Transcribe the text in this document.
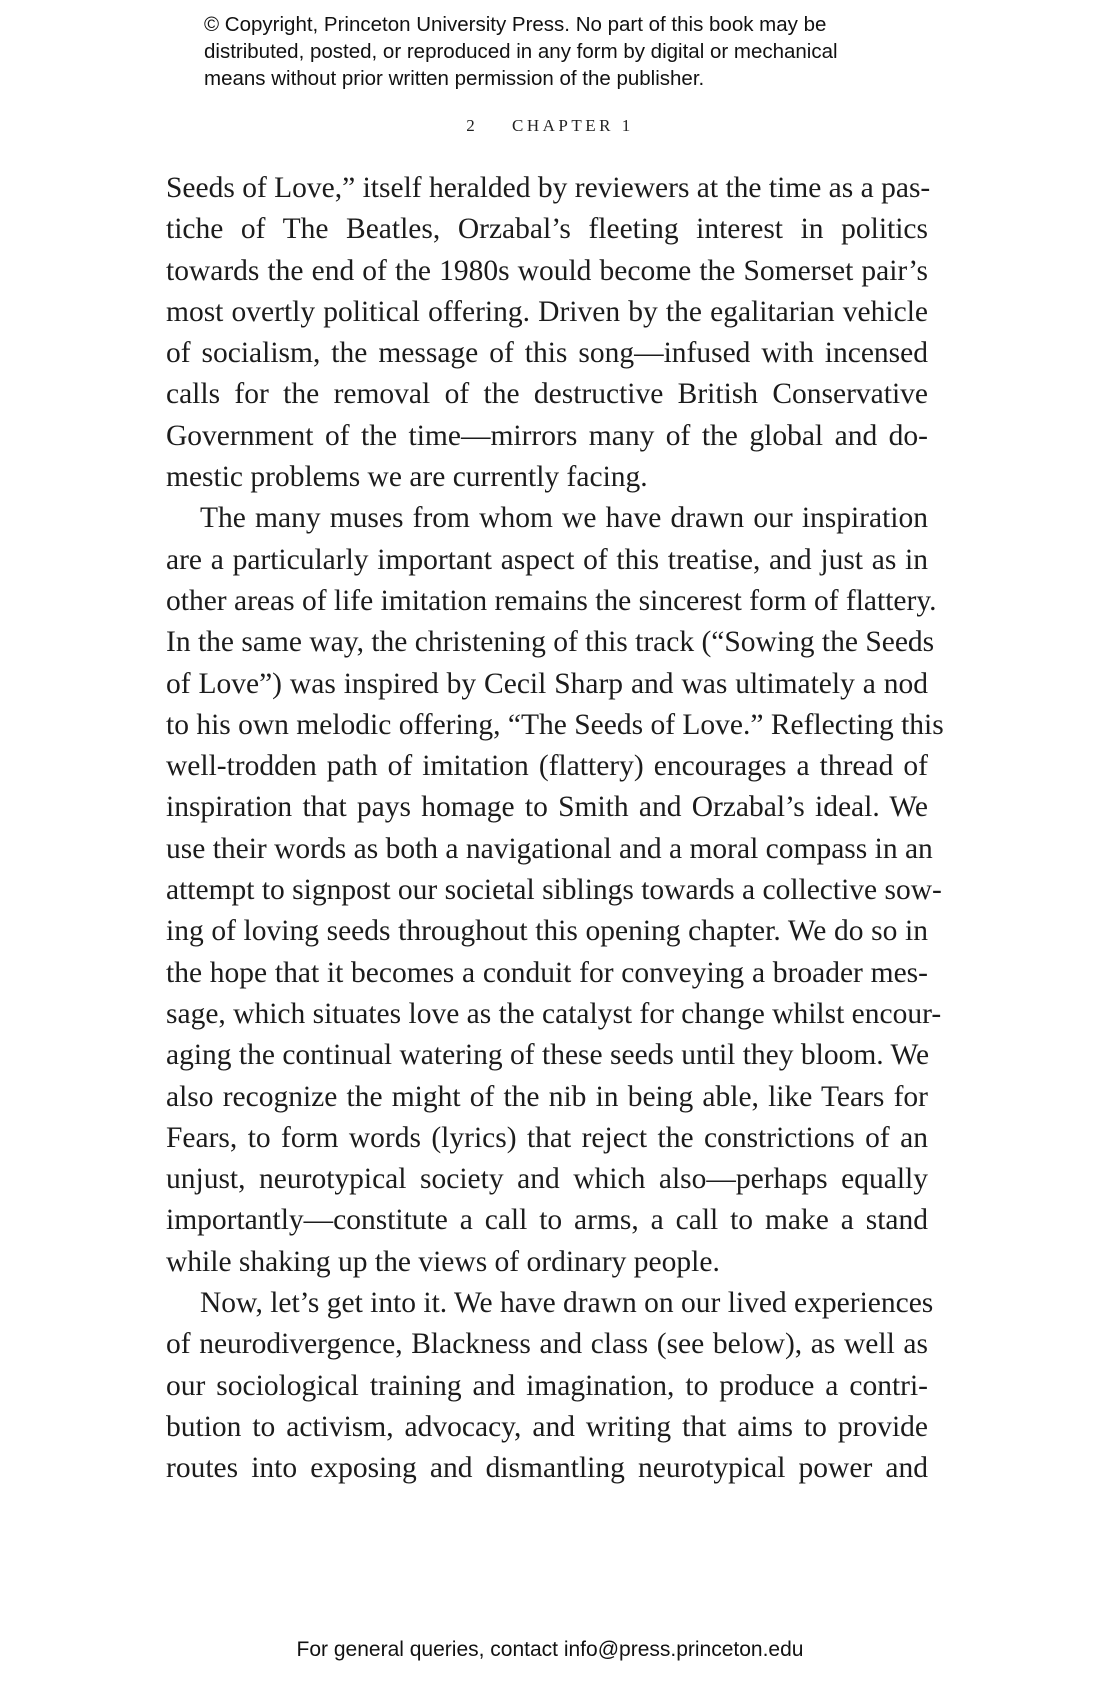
© Copyright, Princeton University Press. No part of this book may be
distributed, posted, or reproduced in any form by digital or mechanical
means without prior written permission of the publisher.
2 CHAPTER 1
Seeds of Love,” itself heralded by reviewers at the time as a pas-
tiche of The Beatles, Orzabal’s fleeting interest in politics
towards the end of the 1980s would become the Somerset pair’s
most overtly political offering. Driven by the egalitarian vehicle
of socialism, the message of this song—infused with incensed
calls for the removal of the destructive British Conservative
Government of the time—mirrors many of the global and do-
mestic problems we are currently facing.
The many muses from whom we have drawn our inspiration
are a particularly important aspect of this treatise, and just as in
other areas of life imitation remains the sincerest form of flattery.
In the same way, the christening of this track (“Sowing the Seeds
of Love”) was inspired by Cecil Sharp and was ultimately a nod
to his own melodic offering, “The Seeds of Love.” Reflecting this
well-trodden path of imitation (flattery) encourages a thread of
inspiration that pays homage to Smith and Orzabal’s ideal. We
use their words as both a navigational and a moral compass in an
attempt to signpost our societal siblings towards a collective sow-
ing of loving seeds throughout this opening chapter. We do so in
the hope that it becomes a conduit for conveying a broader mes-
sage, which situates love as the catalyst for change whilst encour-
aging the continual watering of these seeds until they bloom. We
also recognize the might of the nib in being able, like Tears for
Fears, to form words (lyrics) that reject the constrictions of an
unjust, neurotypical society and which also—perhaps equally
importantly—constitute a call to arms, a call to make a stand
while shaking up the views of ordinary people.
Now, let’s get into it. We have drawn on our lived experiences
of neurodivergence, Blackness and class (see below), as well as
our sociological training and imagination, to produce a contri-
bution to activism, advocacy, and writing that aims to provide
routes into exposing and dismantling neurotypical power and
For general queries, contact info@press.princeton.edu
